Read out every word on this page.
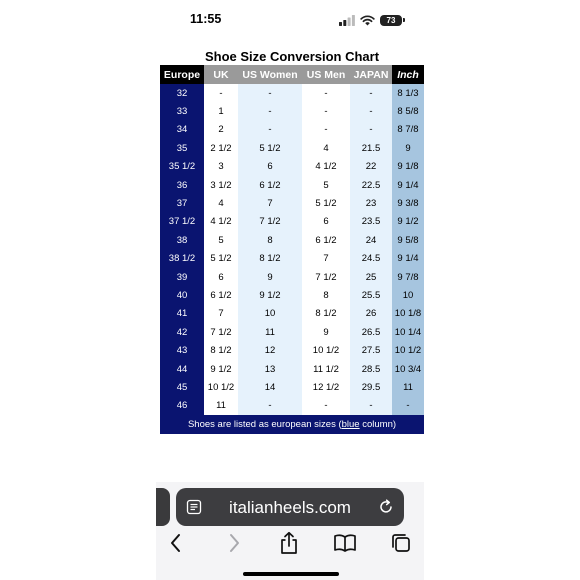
11:55	73
Shoe Size Conversion Chart
Europe	UK	US Women	US Men	JAPAN	Inch
32	-	-	-	-	8 1/3
33	1	-	-	-	8 5/8
34	2	-	-	-	8 7/8
35	2 1/2	5 1/2	4	21.5	9
35 1/2	3	6	4 1/2	22	9 1/8
36	3 1/2	6 1/2	5	22.5	9 1/4
37	4	7	5 1/2	23	9 3/8
37 1/2	4 1/2	7 1/2	6	23.5	9 1/2
38	5	8	6 1/2	24	9 5/8
38 1/2	5 1/2	8 1/2	7	24.5	9 1/4
39	6	9	7 1/2	25	9 7/8
40	6 1/2	9 1/2	8	25.5	10
41	7	10	8 1/2	26	10 1/8
42	7 1/2	11	9	26.5	10 1/4
43	8 1/2	12	10 1/2	27.5	10 1/2
44	9 1/2	13	11 1/2	28.5	10 3/4
45	10 1/2	14	12 1/2	29.5	11
46	11	-	-	-	-
Shoes are listed as european sizes (blue column)					
italianheels.com
